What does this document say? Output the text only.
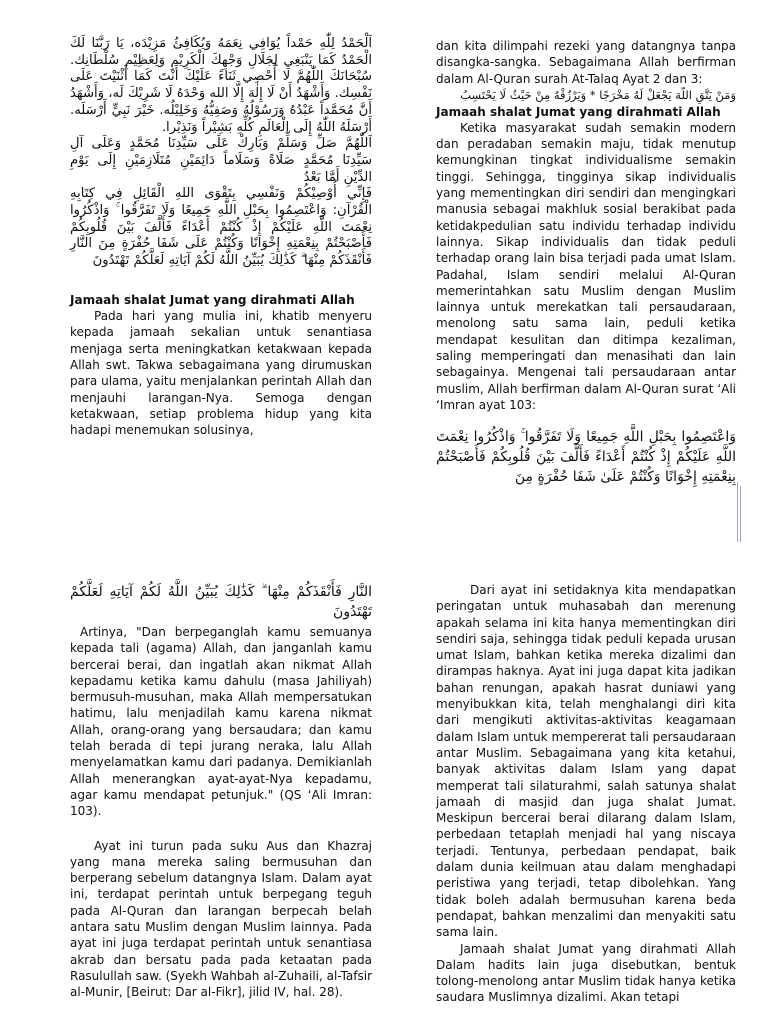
اَلْحَمْدُ لِلّٰهِ حَمْداً يُوَافِي نِعَمَهُ وَيُكَافِئُ مَزِيْدَه، يَا رَبَّنَا لَكَ الْحَمْدُ كَمَا يَنْبَغِي لِجَلَالِ وَجْهِكَ الْكَرِيْمِ وَلِعَظِيْمِ سُلْطَانِك. سُبْحَانَكَ اللّٰهُمَّ لَا أُحْصِي ثَنَاءً عَلَيْكَ أَنْتَ كَمَا أَثْنَيْتَ عَلَى نَفْسِك. وَأَشْهَدُ أَنْ لَا إِلٰهَ إِلَّا الله وَحْدَهُ لَا شَرِيْكَ لَه، وَأَشْهَدُ أَنَّ مُحَمَّداً عَبْدُهُ وَرَسُوْلُهُ وَصَفِيُّهُ وَخَلِيْلُه. خَيْرَ نَبِيٍّ أَرْسَلَه. أَرْسَلَهُ اللّٰهُ إِلَى الْعَالَمِ كُلِّهِ بَشِيْراً وَنَذِيْرا.

اَللّٰهُمَّ صَلِّ وَسَلِّمْ وَبَارِكْ عَلَى سَيِّدِنَا مُحَمَّدٍ وَعَلَى آلِ سَيِّدِنَا مُحَمَّدٍ صَلَاةً وَسَلَاماً دَائِمَيْنِ مُتَلَازِمَيْنِ إِلَى يَوْمِ الدِّيْنِ أَمَّا بَعْدُ

فَإِنِّي أُوْصِيْكُمْ وَنَفْسِي بِتَقْوَى اللهِ الْقَائِلِ فِي كِتَابِهِ الْقُرْآنِ: وَاعْتَصِمُوا بِحَبْلِ اللَّهِ جَمِيعًا وَلَا تَفَرَّقُوا ۚ وَاذْكُرُوا نِعْمَتَ اللَّهِ عَلَيْكُمْ إِذْ كُنْتُمْ أَعْدَاءً فَأَلَّفَ بَيْنَ قُلُوبِكُمْ فَأَصْبَحْتُمْ بِنِعْمَتِهِ إِخْوَانًا وَكُنْتُمْ عَلَى شَفَا حُفْرَةٍ مِنَ النَّارِ فَأَنْقَذَكُمْ مِنْهَا ۗ كَذَٰلِكَ يُبَيِّنُ اللَّهُ لَكُمْ آيَاتِهِ لَعَلَّكُمْ تَهْتَدُونَ

Jamaah shalat Jumat yang dirahmati Allah

Pada hari yang mulia ini, khatib menyeru kepada jamaah sekalian untuk senantiasa menjaga serta meningkatkan ketakwaan kepada Allah swt. Takwa sebagaimana yang dirumuskan para ulama, yaitu menjalankan perintah Allah dan menjauhi larangan-Nya. Semoga dengan ketakwaan, setiap problema hidup yang kita hadapi menemukan solusinya,

dan kita dilimpahi rezeki yang datangnya tanpa disangka-sangka. Sebagaimana Allah berfirman dalam Al-Quran surah At-Talaq Ayat 2 dan 3:

وَمَنْ يَتَّقِ اللَّهَ يَجْعَلْ لَهُ مَخْرَجًا * وَيَرْزُقْهُ مِنْ حَيْثُ لَا يَحْتَسِبُ

Jamaah shalat Jumat yang dirahmati Allah

Ketika masyarakat sudah semakin modern dan peradaban semakin maju, tidak menutup kemungkinan tingkat individualisme semakin tinggi. Sehingga, tingginya sikap individualis yang mementingkan diri sendiri dan mengingkari manusia sebagai makhluk sosial berakibat pada ketidakpedulian satu individu terhadap individu lainnya. Sikap individualis dan tidak peduli terhadap orang lain bisa terjadi pada umat Islam. Padahal, Islam sendiri melalui Al-Quran memerintahkan satu Muslim dengan Muslim lainnya untuk merekatkan tali persaudaraan, menolong satu sama lain, peduli ketika mendapat kesulitan dan ditimpa kezaliman, saling memperingati dan menasihati dan lain sebagainya. Mengenai tali persaudaraan antar muslim, Allah berfirman dalam Al-Quran surat ‘Ali ‘Imran ayat 103:

وَاعْتَصِمُوا بِحَبْلِ اللَّهِ جَمِيعًا وَلَا تَفَرَّقُوا ۚ وَاذْكُرُوا نِعْمَتَ اللَّهِ عَلَيْكُمْ إِذْ كُنْتُمْ أَعْدَاءً فَأَلَّفَ بَيْنَ قُلُوبِكُمْ فَأَصْبَحْتُمْ بِنِعْمَتِهِ إِخْوَانًا وَكُنْتُمْ عَلَىٰ شَفَا حُفْرَةٍ مِنَ

النَّارِ فَأَنْقَذَكُمْ مِنْهَا ۗ كَذَٰلِكَ يُبَيِّنُ اللَّهُ لَكُمْ آيَاتِهِ لَعَلَّكُمْ تَهْتَدُونَ

Artinya, "Dan berpeganglah kamu semuanya kepada tali (agama) Allah, dan janganlah kamu bercerai berai, dan ingatlah akan nikmat Allah kepadamu ketika kamu dahulu (masa Jahiliyah) bermusuh-musuhan, maka Allah mempersatukan hatimu, lalu menjadilah kamu karena nikmat Allah, orang-orang yang bersaudara; dan kamu telah berada di tepi jurang neraka, lalu Allah menyelamatkan kamu dari padanya. Demikianlah Allah menerangkan ayat-ayat-Nya kepadamu, agar kamu mendapat petunjuk." (QS ‘Ali Imran: 103).

Ayat ini turun pada suku Aus dan Khazraj yang mana mereka saling bermusuhan dan berperang sebelum datangnya Islam. Dalam ayat ini, terdapat perintah untuk berpegang teguh pada Al-Quran dan larangan berpecah belah antara satu Muslim dengan Muslim lainnya. Pada ayat ini juga terdapat perintah untuk senantiasa akrab dan bersatu pada pada ketaatan pada Rasulullah saw. (Syekh Wahbah al-Zuhaili, al-Tafsir al-Munir, [Beirut: Dar al-Fikr], jilid IV, hal. 28).

Dari ayat ini setidaknya kita mendapatkan peringatan untuk muhasabah dan merenung apakah selama ini kita hanya mementingkan diri sendiri saja, sehingga tidak peduli kepada urusan umat Islam, bahkan ketika mereka dizalimi dan dirampas haknya. Ayat ini juga dapat kita jadikan bahan renungan, apakah hasrat duniawi yang menyibukkan kita, telah menghalangi diri kita dari mengikuti aktivitas-aktivitas keagamaan dalam Islam untuk mempererat tali persaudaraan antar Muslim. Sebagaimana yang kita ketahui, banyak aktivitas dalam Islam yang dapat memperat tali silaturahmi, salah satunya shalat jamaah di masjid dan juga shalat Jumat. Meskipun bercerai berai dilarang dalam Islam, perbedaan tetaplah menjadi hal yang niscaya terjadi. Tentunya, perbedaan pendapat, baik dalam dunia keilmuan atau dalam menghadapi peristiwa yang terjadi, tetap dibolehkan. Yang tidak boleh adalah bermusuhan karena beda pendapat, bahkan menzalimi dan menyakiti satu sama lain.

Jamaah shalat Jumat yang dirahmati Allah Dalam hadits lain juga disebutkan, bentuk tolong-menolong antar Muslim tidak hanya ketika saudara Muslimnya dizalimi. Akan tetapi
